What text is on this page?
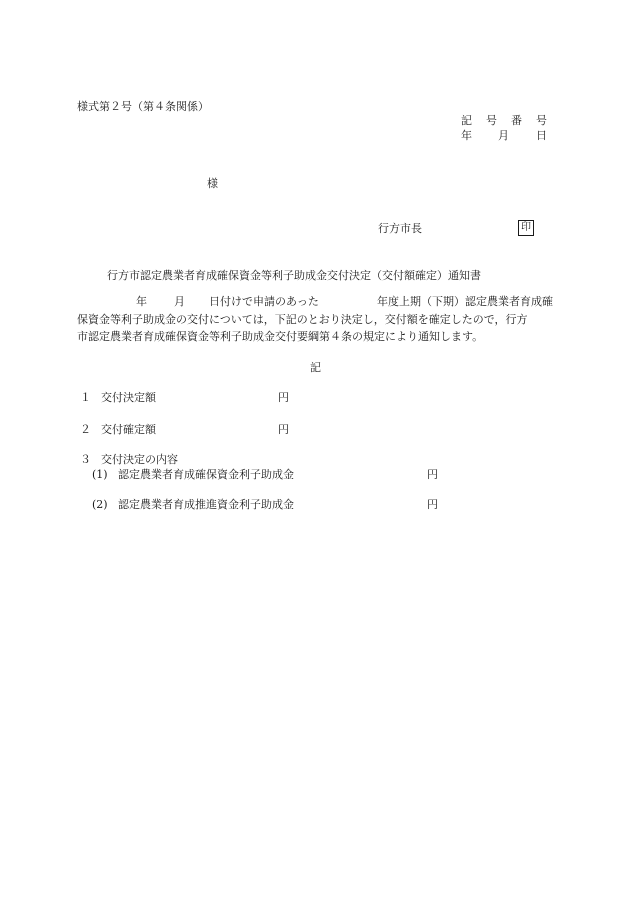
様式第２号（第４条関係）
記 号 番 号
年 月 日
様
行方市長	印
行方市認定農業者育成確保資金等利子助成金交付決定（交付額確定）通知書
年 月 日付けで申請のあった	年度上期（下期）認定農業者育成確
保資金等利子助成金の交付については，下記のとおり決定し，交付額を確定したので，行方
市認定農業者育成確保資金等利子助成金交付要綱第４条の規定により通知します。
記
１ 交付決定額	円
２ 交付確定額	円
３ 交付決定の内容
(1) 認定農業者育成確保資金利子助成金	円
(2) 認定農業者育成推進資金利子助成金	円
